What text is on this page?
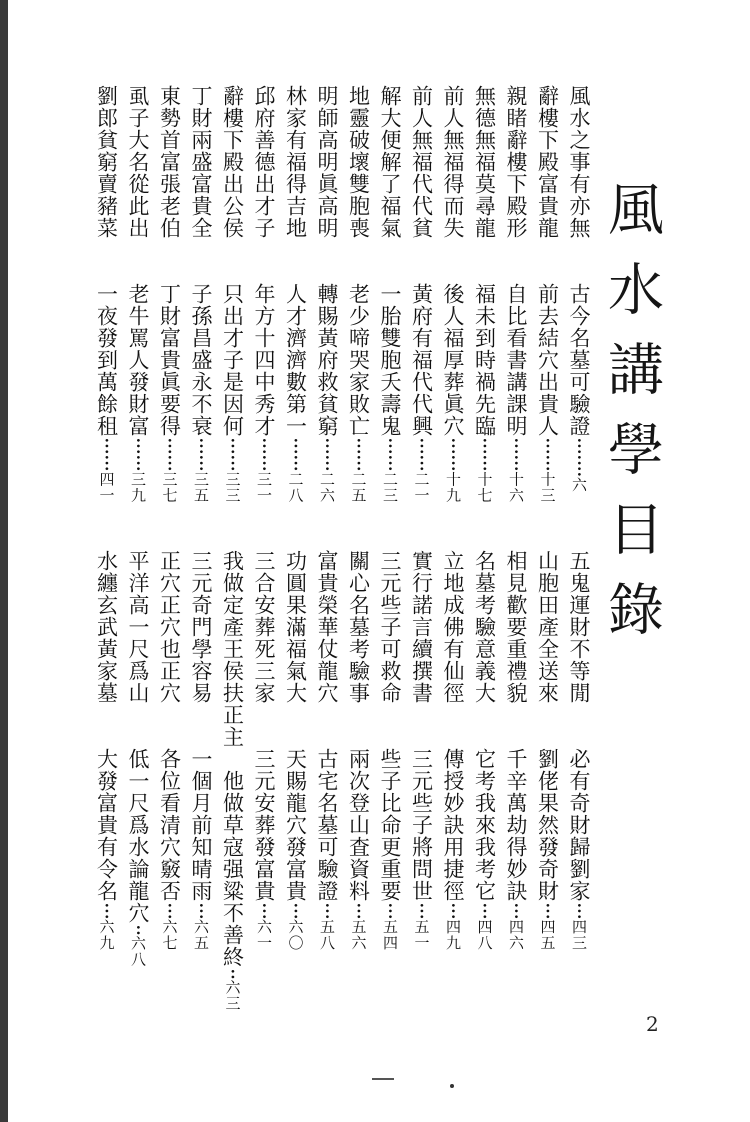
風水講學目錄
風水之事有亦無　　古今名墓可驗證·······六
辭樓下殿富貴龍　　前去結穴出貴人······十三
親睹辭樓下殿形　　自比看書講課明······十六
無德無福莫尋龍　　福未到時禍先臨······十七
前人無福得而失　　後人福厚葬眞穴······十九
前人無福代代貧　　黃府有福代代興······二一
解大便解了福氣　　一胎雙胞夭壽鬼······二三
地靈破壞雙胞喪　　老少啼哭家敗亡······二五
明師高明眞高明　　轉賜黃府救貧窮······二六
林家有福得吉地　　人才濟濟數第一······二八
邱府善德出才子　　年方十四中秀才······三一
辭樓下殿出公侯　　只出才子是因何······三三
丁財兩盛富貴全　　子孫昌盛永不衰······三五
東勢首富張老伯　　丁財富貴眞要得······三七
虱子大名從此出　　老牛罵人發財富······三九
劉郎貧窮賣豬菜　　一夜發到萬餘租······四一
五鬼運財不等閒　　必有奇財歸劉家···四三
山胞田產全送來　　劉佬果然發奇財···四五
相見歡要重禮貌　　千辛萬劫得妙訣···四六
名墓考驗意義大　　它考我來我考它···四八
立地成佛有仙徑　　傳授妙訣用捷徑···四九
實行諾言續撰書　　三元些子將問世···五一
三元些子可救命　　些子比命更重要···五四
關心名墓考驗事　　兩次登山査資料···五六
富貴榮華仗龍穴　　古宅名墓可驗證···五八
功圓果滿福氣大　　天賜龍穴發富貴···六〇
三合安葬死三家　　三元安葬發富貴···六一
我做定產王侯扶正主　他做草寇强粱不善終··六三
三元奇門學容易　　一個月前知晴雨···六五
正穴正穴也正穴　　各位看清穴竅否···六七
平洋高一尺爲山　　低一尺爲水論龍穴··六八
水纏玄武黃家墓　　大發富貴有令名···六九
2
